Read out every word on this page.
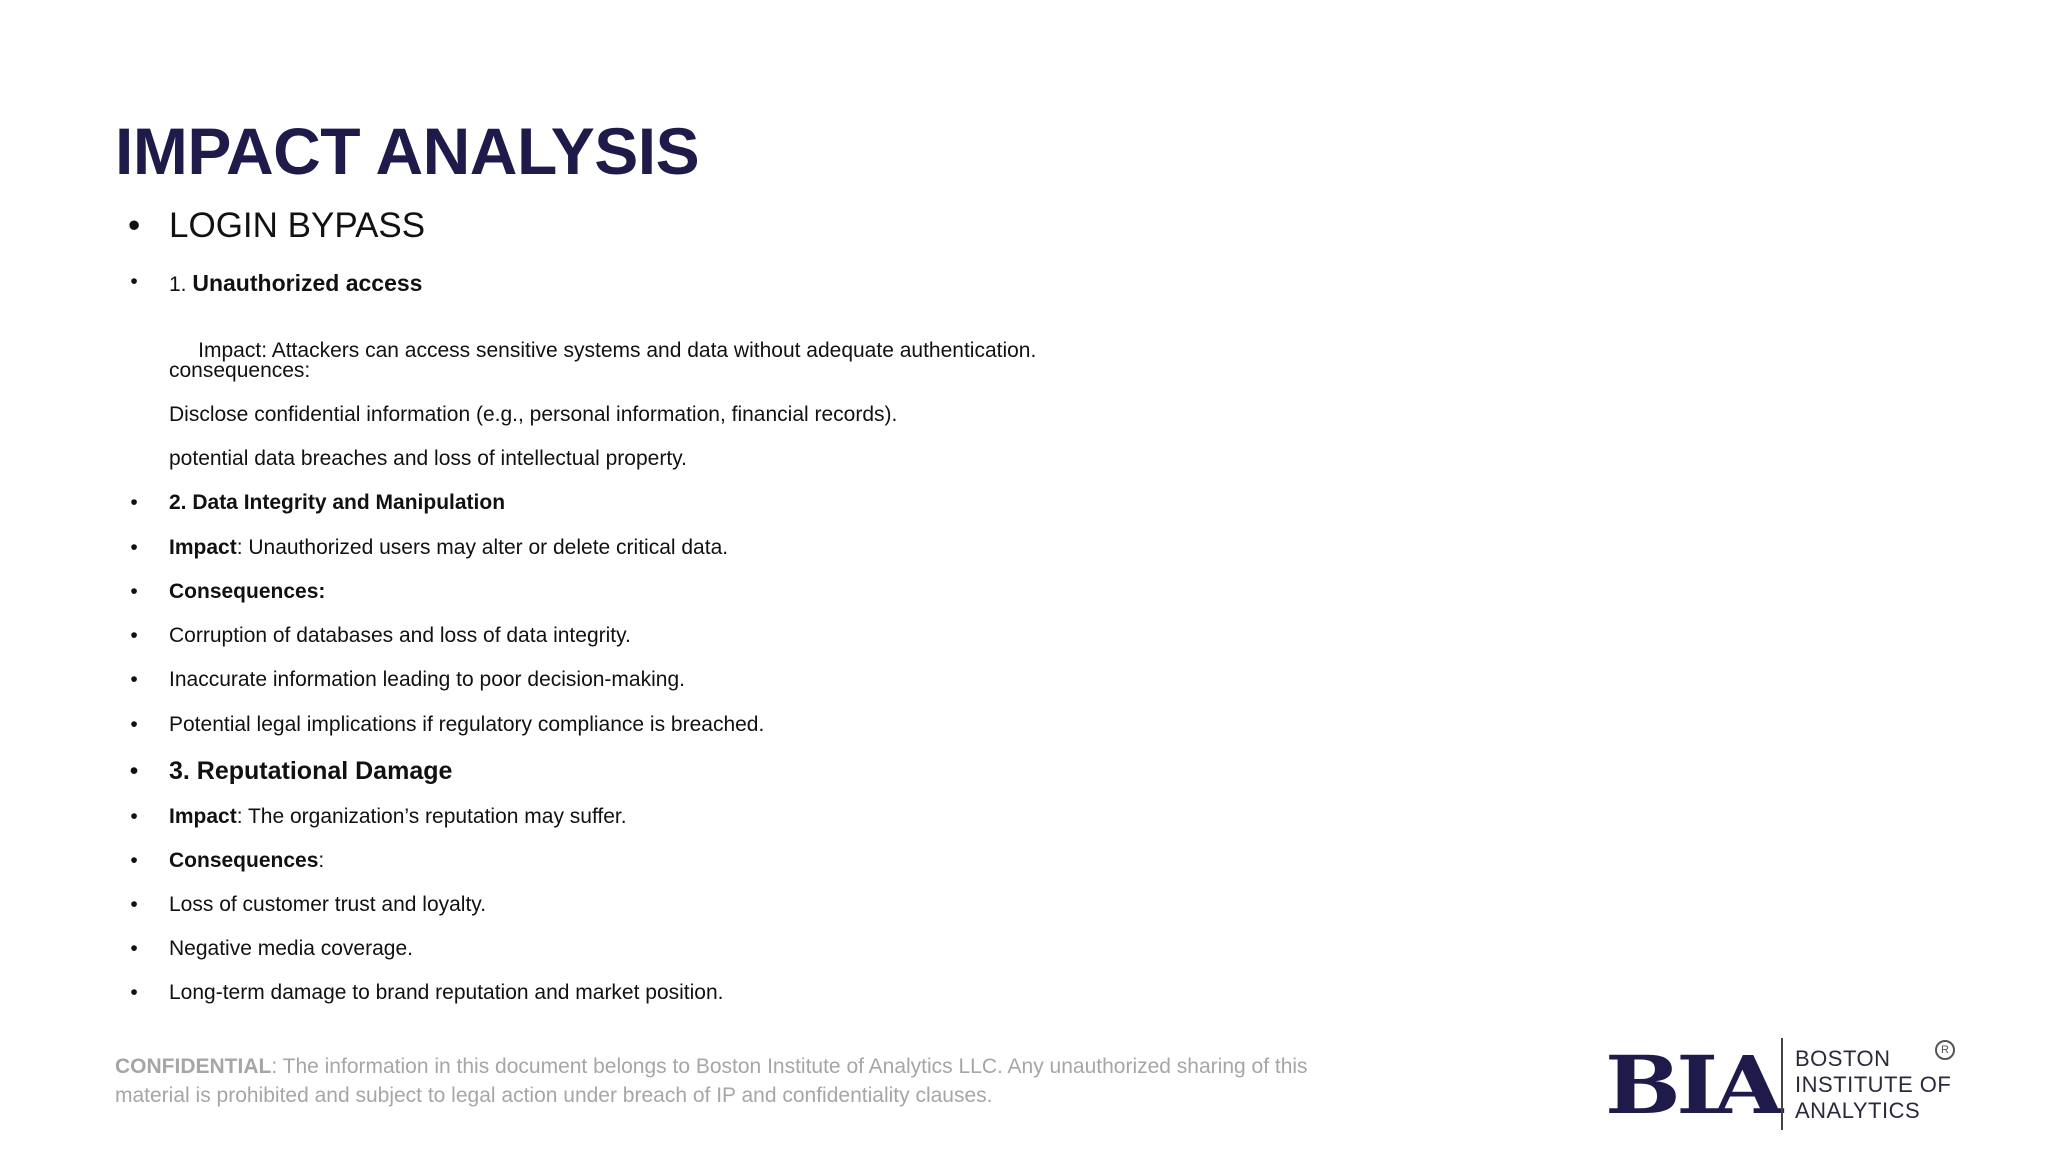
IMPACT ANALYSIS
• LOGIN BYPASS
• 1. Unauthorized access

Impact: Attackers can access sensitive systems and data without adequate authentication.

consequences:
Disclose confidential information (e.g., personal information, financial records).
potential data breaches and loss of intellectual property.
• 2. Data Integrity and Manipulation
• Impact: Unauthorized users may alter or delete critical data.
• Consequences:
• Corruption of databases and loss of data integrity.
• Inaccurate information leading to poor decision-making.
• Potential legal implications if regulatory compliance is breached.
• 3. Reputational Damage
• Impact: The organization’s reputation may suffer.
• Consequences:
• Loss of customer trust and loyalty.
• Negative media coverage.
• Long-term damage to brand reputation and market position.
CONFIDENTIAL: The information in this document belongs to Boston Institute of Analytics LLC. Any unauthorized sharing of this material is prohibited and subject to legal action under breach of IP and confidentiality clauses.	BIA BOSTON
INSTITUTE OF
ANALYTICS
R
